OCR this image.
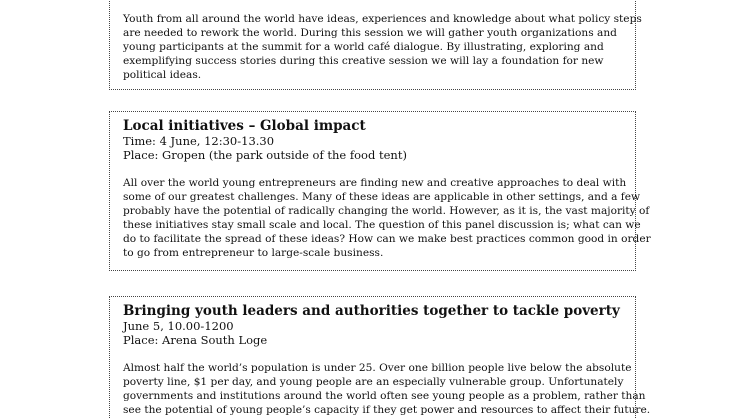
Youth from all around the world have ideas, experiences and knowledge about what policy steps
are needed to rework the world. During this session we will gather youth organizations and
young participants at the summit for a world café dialogue. By illustrating, exploring and
exemplifying success stories during this creative session we will lay a foundation for new
political ideas.
Local initiatives – Global impact
Time: 4 June, 12:30-13.30
Place: Gropen (the park outside of the food tent)
All over the world young entrepreneurs are finding new and creative approaches to deal with
some of our greatest challenges. Many of these ideas are applicable in other settings, and a few
probably have the potential of radically changing the world. However, as it is, the vast majority of
these initiatives stay small scale and local. The question of this panel discussion is; what can we
do to facilitate the spread of these ideas? How can we make best practices common good in order
to go from entrepreneur to large-scale business.
Bringing youth leaders and authorities together to tackle poverty
June 5, 10.00-1200
Place: Arena South Loge
Almost half the world’s population is under 25. Over one billion people live below the absolute
poverty line, $1 per day, and young people are an especially vulnerable group. Unfortunately
governments and institutions around the world often see young people as a problem, rather than
see the potential of young people’s capacity if they get power and resources to affect their future.
